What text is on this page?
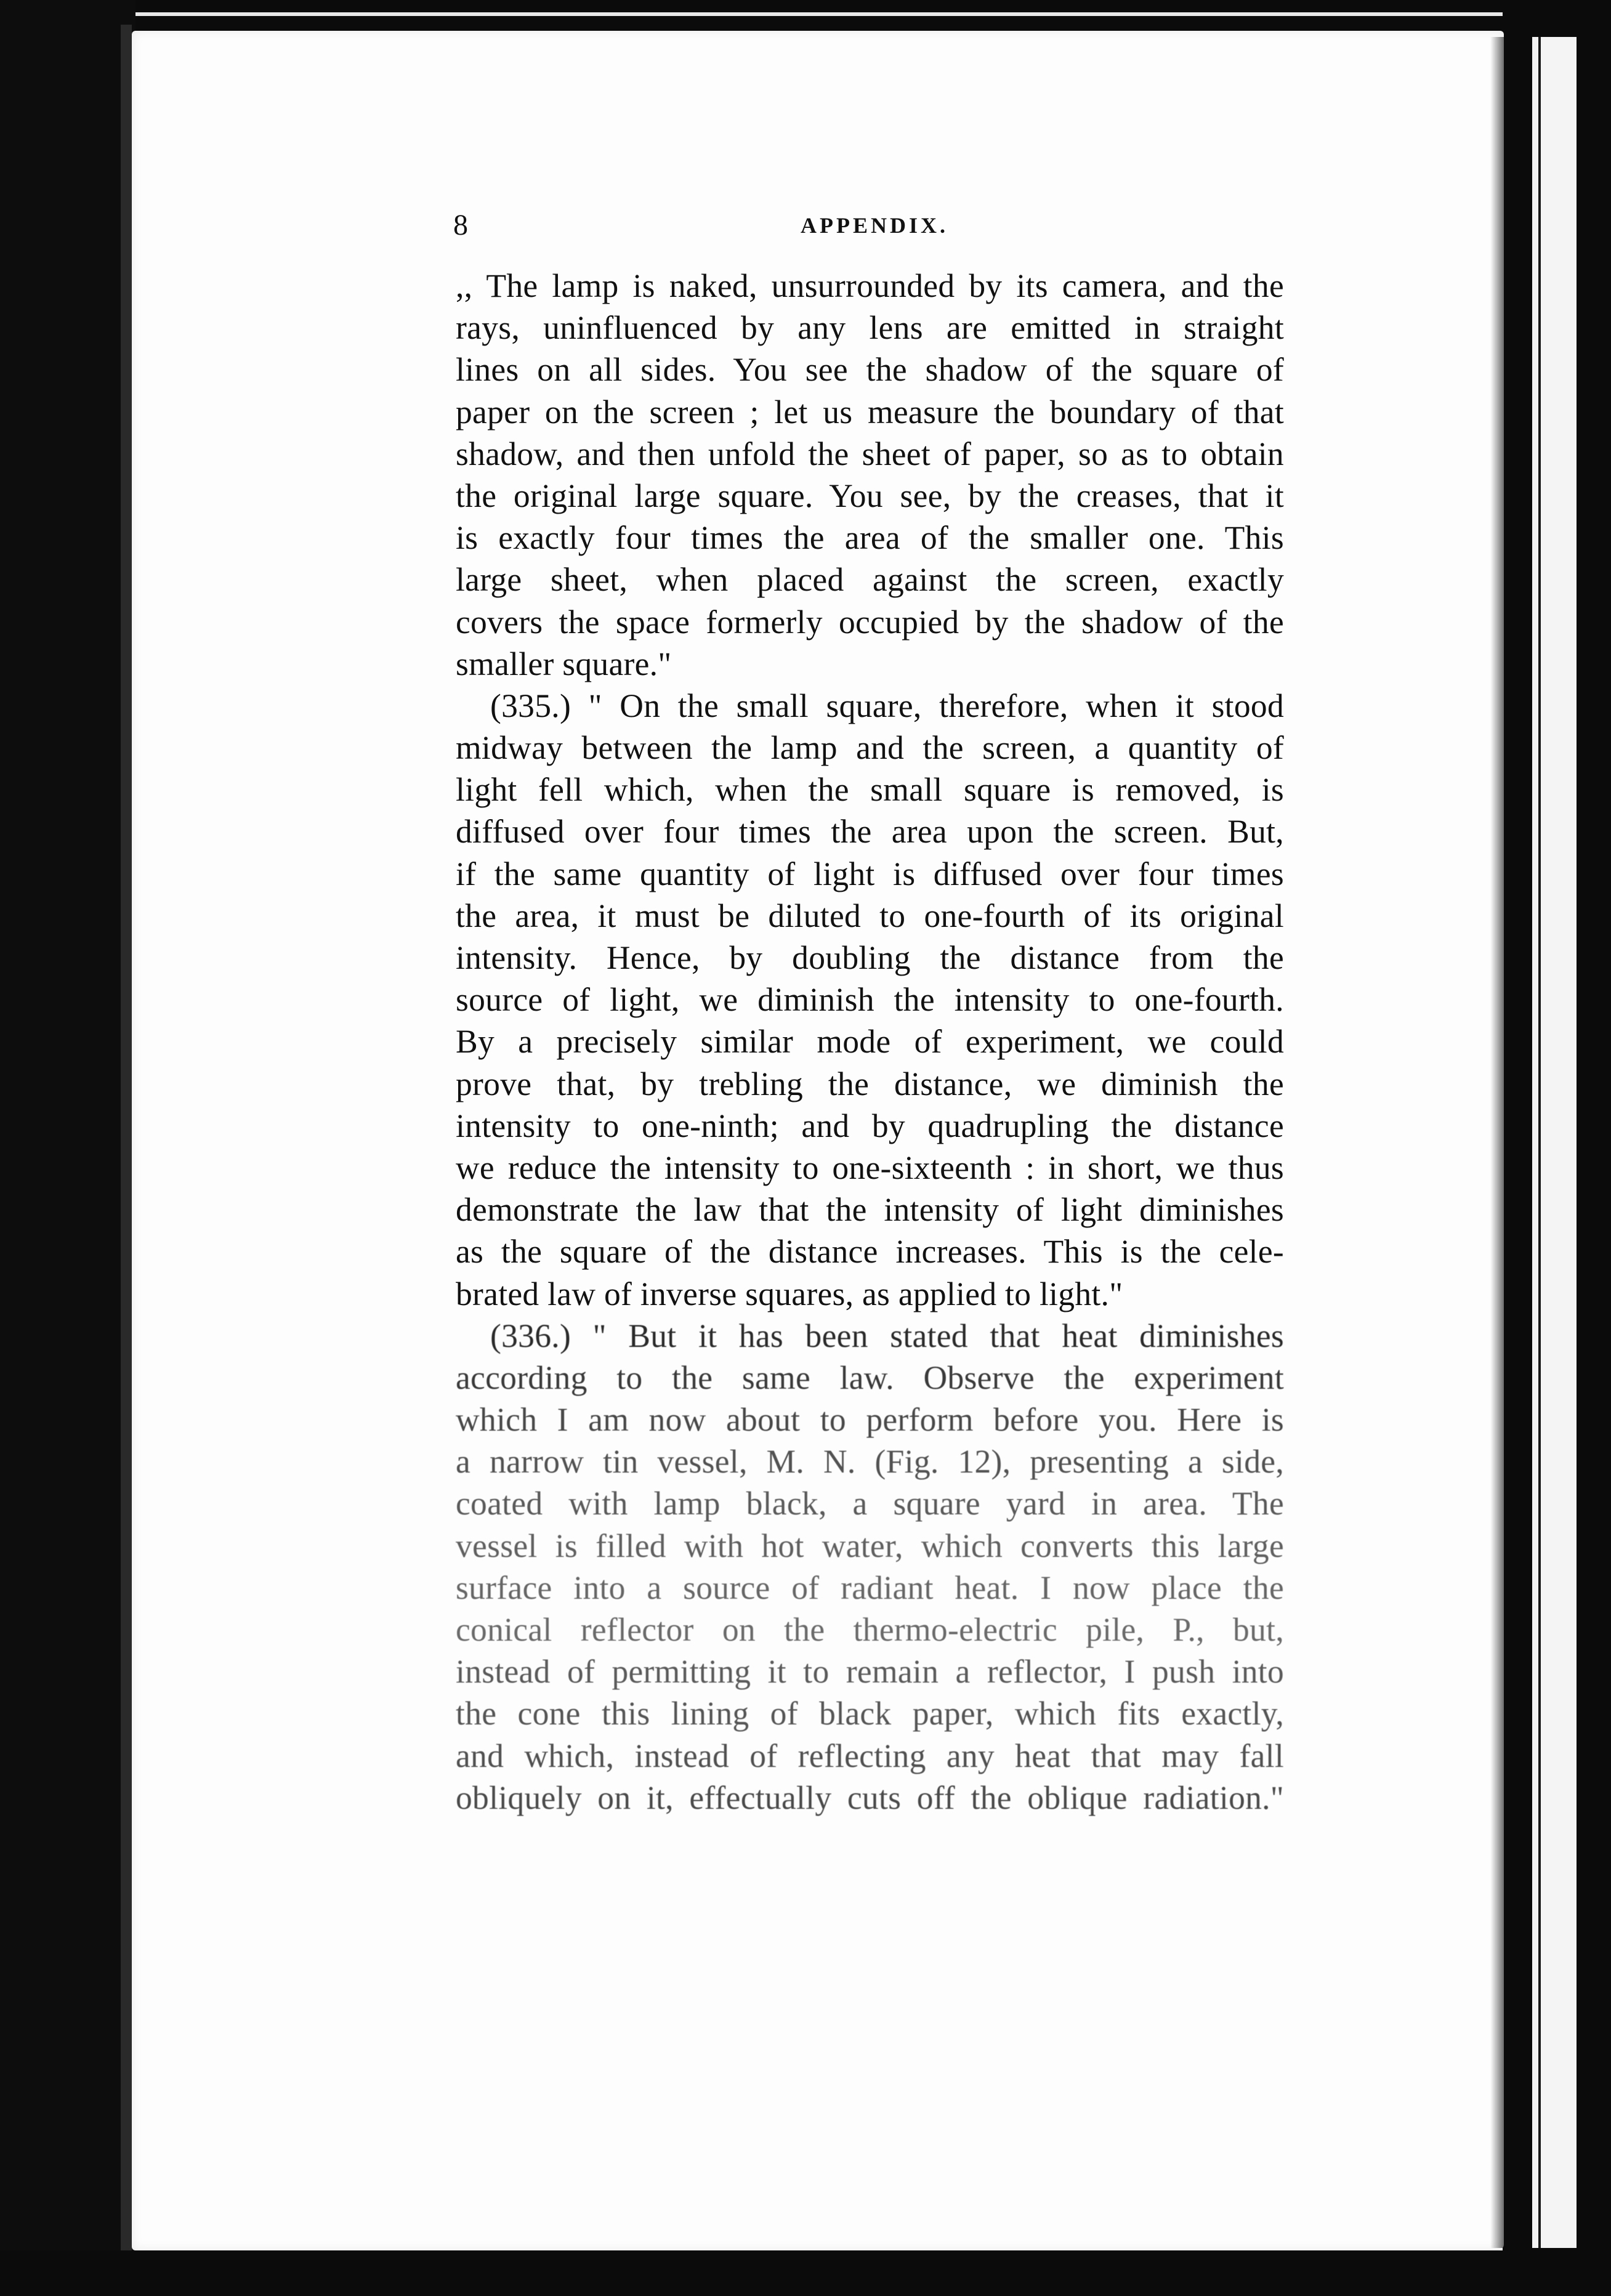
8	APPENDIX.
,, The lamp is naked, unsurrounded by its camera, and the
rays, uninfluenced by any lens are emitted in straight
lines on all sides. You see the shadow of the square of
paper on the screen ; let us measure the boundary of that
shadow, and then unfold the sheet of paper, so as to obtain
the original large square. You see, by the creases, that it
is exactly four times the area of the smaller one. This
large sheet, when placed against the screen, exactly
covers the space formerly occupied by the shadow of the
smaller square."
(335.) " On the small square, therefore, when it stood
midway between the lamp and the screen, a quantity of
light fell which, when the small square is removed, is
diffused over four times the area upon the screen. But,
if the same quantity of light is diffused over four times
the area, it must be diluted to one-fourth of its original
intensity. Hence, by doubling the distance from the
source of light, we diminish the intensity to one-fourth.
By a precisely similar mode of experiment, we could
prove that, by trebling the distance, we diminish the
intensity to one-ninth; and by quadrupling the distance
we reduce the intensity to one-sixteenth : in short, we thus
demonstrate the law that the intensity of light diminishes
as the square of the distance increases. This is the cele-
brated law of inverse squares, as applied to light."
(336.) " But it has been stated that heat diminishes
according to the same law. Observe the experiment
which I am now about to perform before you. Here is
a narrow tin vessel, M. N. (Fig. 12), presenting a side,
coated with lamp black, a square yard in area. The
vessel is filled with hot water, which converts this large
surface into a source of radiant heat. I now place the
conical reflector on the thermo-electric pile, P., but,
instead of permitting it to remain a reflector, I push into
the cone this lining of black paper, which fits exactly,
and which, instead of reflecting any heat that may fall
obliquely on it, effectually cuts off the oblique radiation."
